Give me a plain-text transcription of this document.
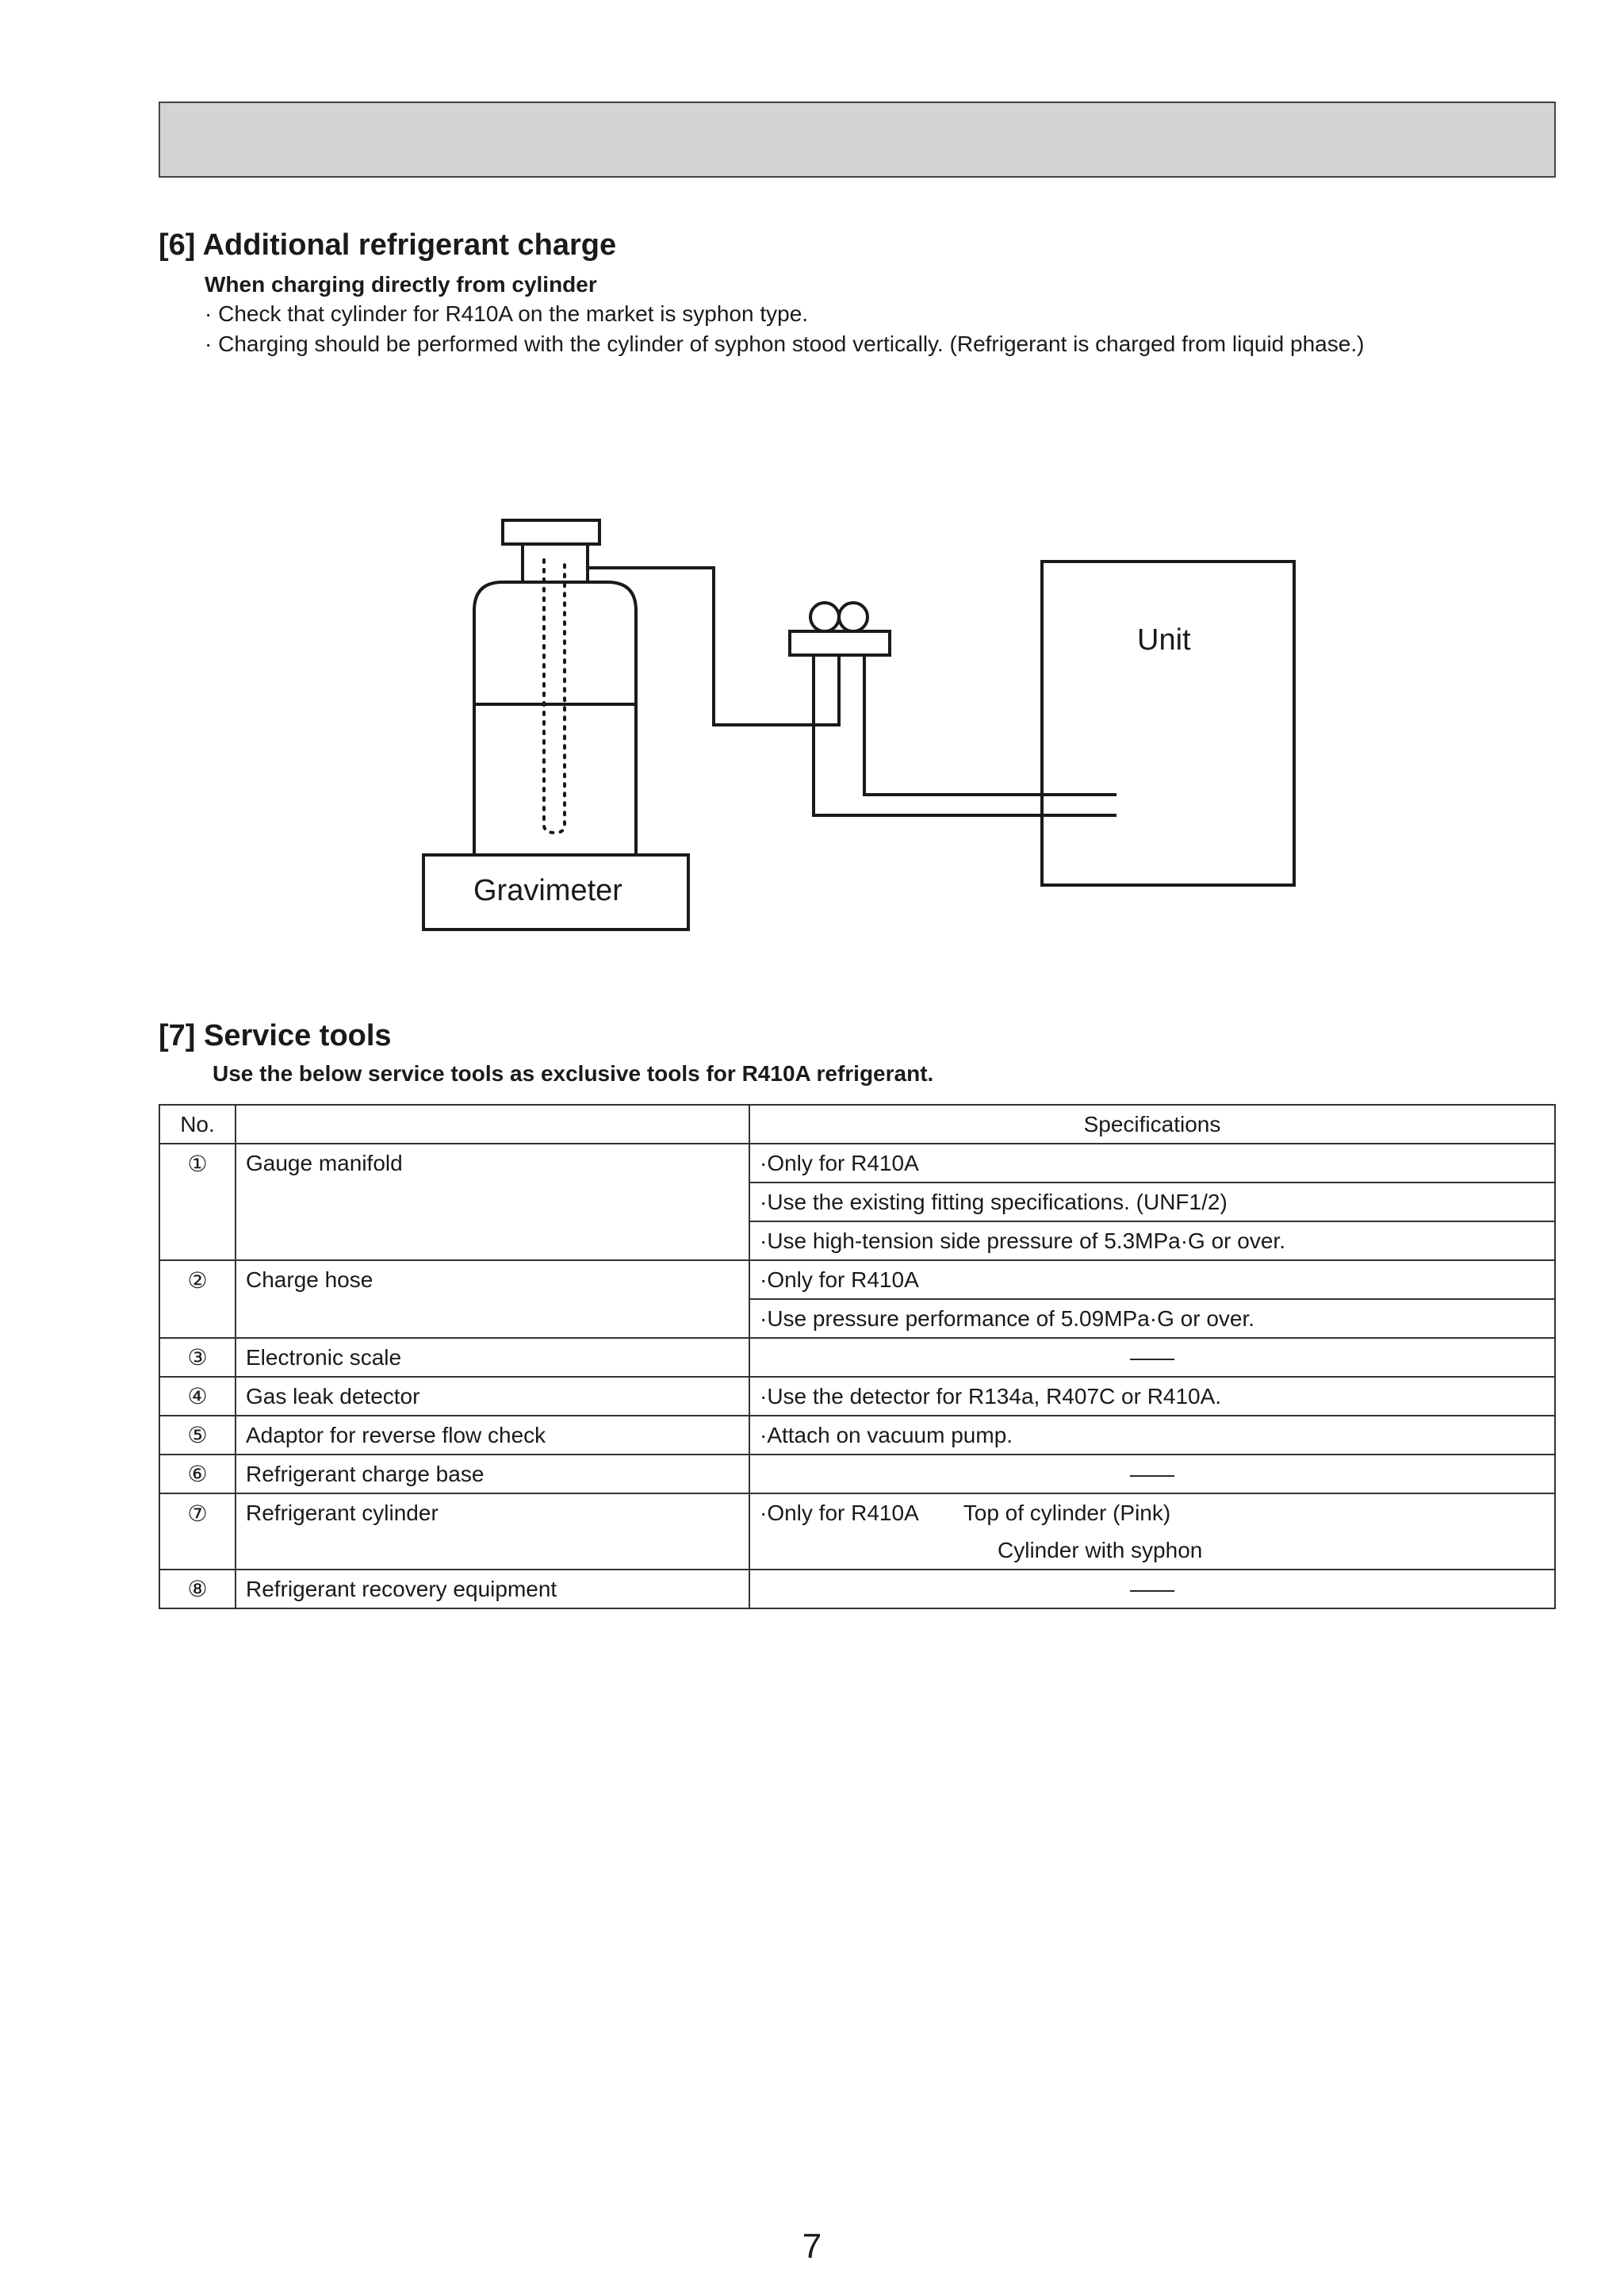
[6] Additional refrigerant charge
When charging directly from cylinder
· Check that cylinder for R410A on the market is syphon type.
· Charging should be performed with the cylinder of syphon stood vertically. (Refrigerant is charged from liquid phase.)
Unit
Gravimeter
[7] Service tools
Use the below service tools as exclusive tools for R410A refrigerant.
No.		Specifications
①	Gauge manifold	·Only for R410A
		·Use the existing fitting specifications. (UNF1/2)
		·Use high-tension side pressure of 5.3MPa·G or over.
②	Charge hose	·Only for R410A
		·Use pressure performance of 5.09MPa·G or over.
③	Electronic scale	——
④	Gas leak detector	·Use the detector for R134a, R407C or R410A.
⑤	Adaptor for reverse flow check	·Attach on vacuum pump.
⑥	Refrigerant charge base	——
⑦	Refrigerant cylinder	·Only for R410A Top of cylinder (Pink)
		Cylinder with syphon
⑧	Refrigerant recovery equipment	——
7
